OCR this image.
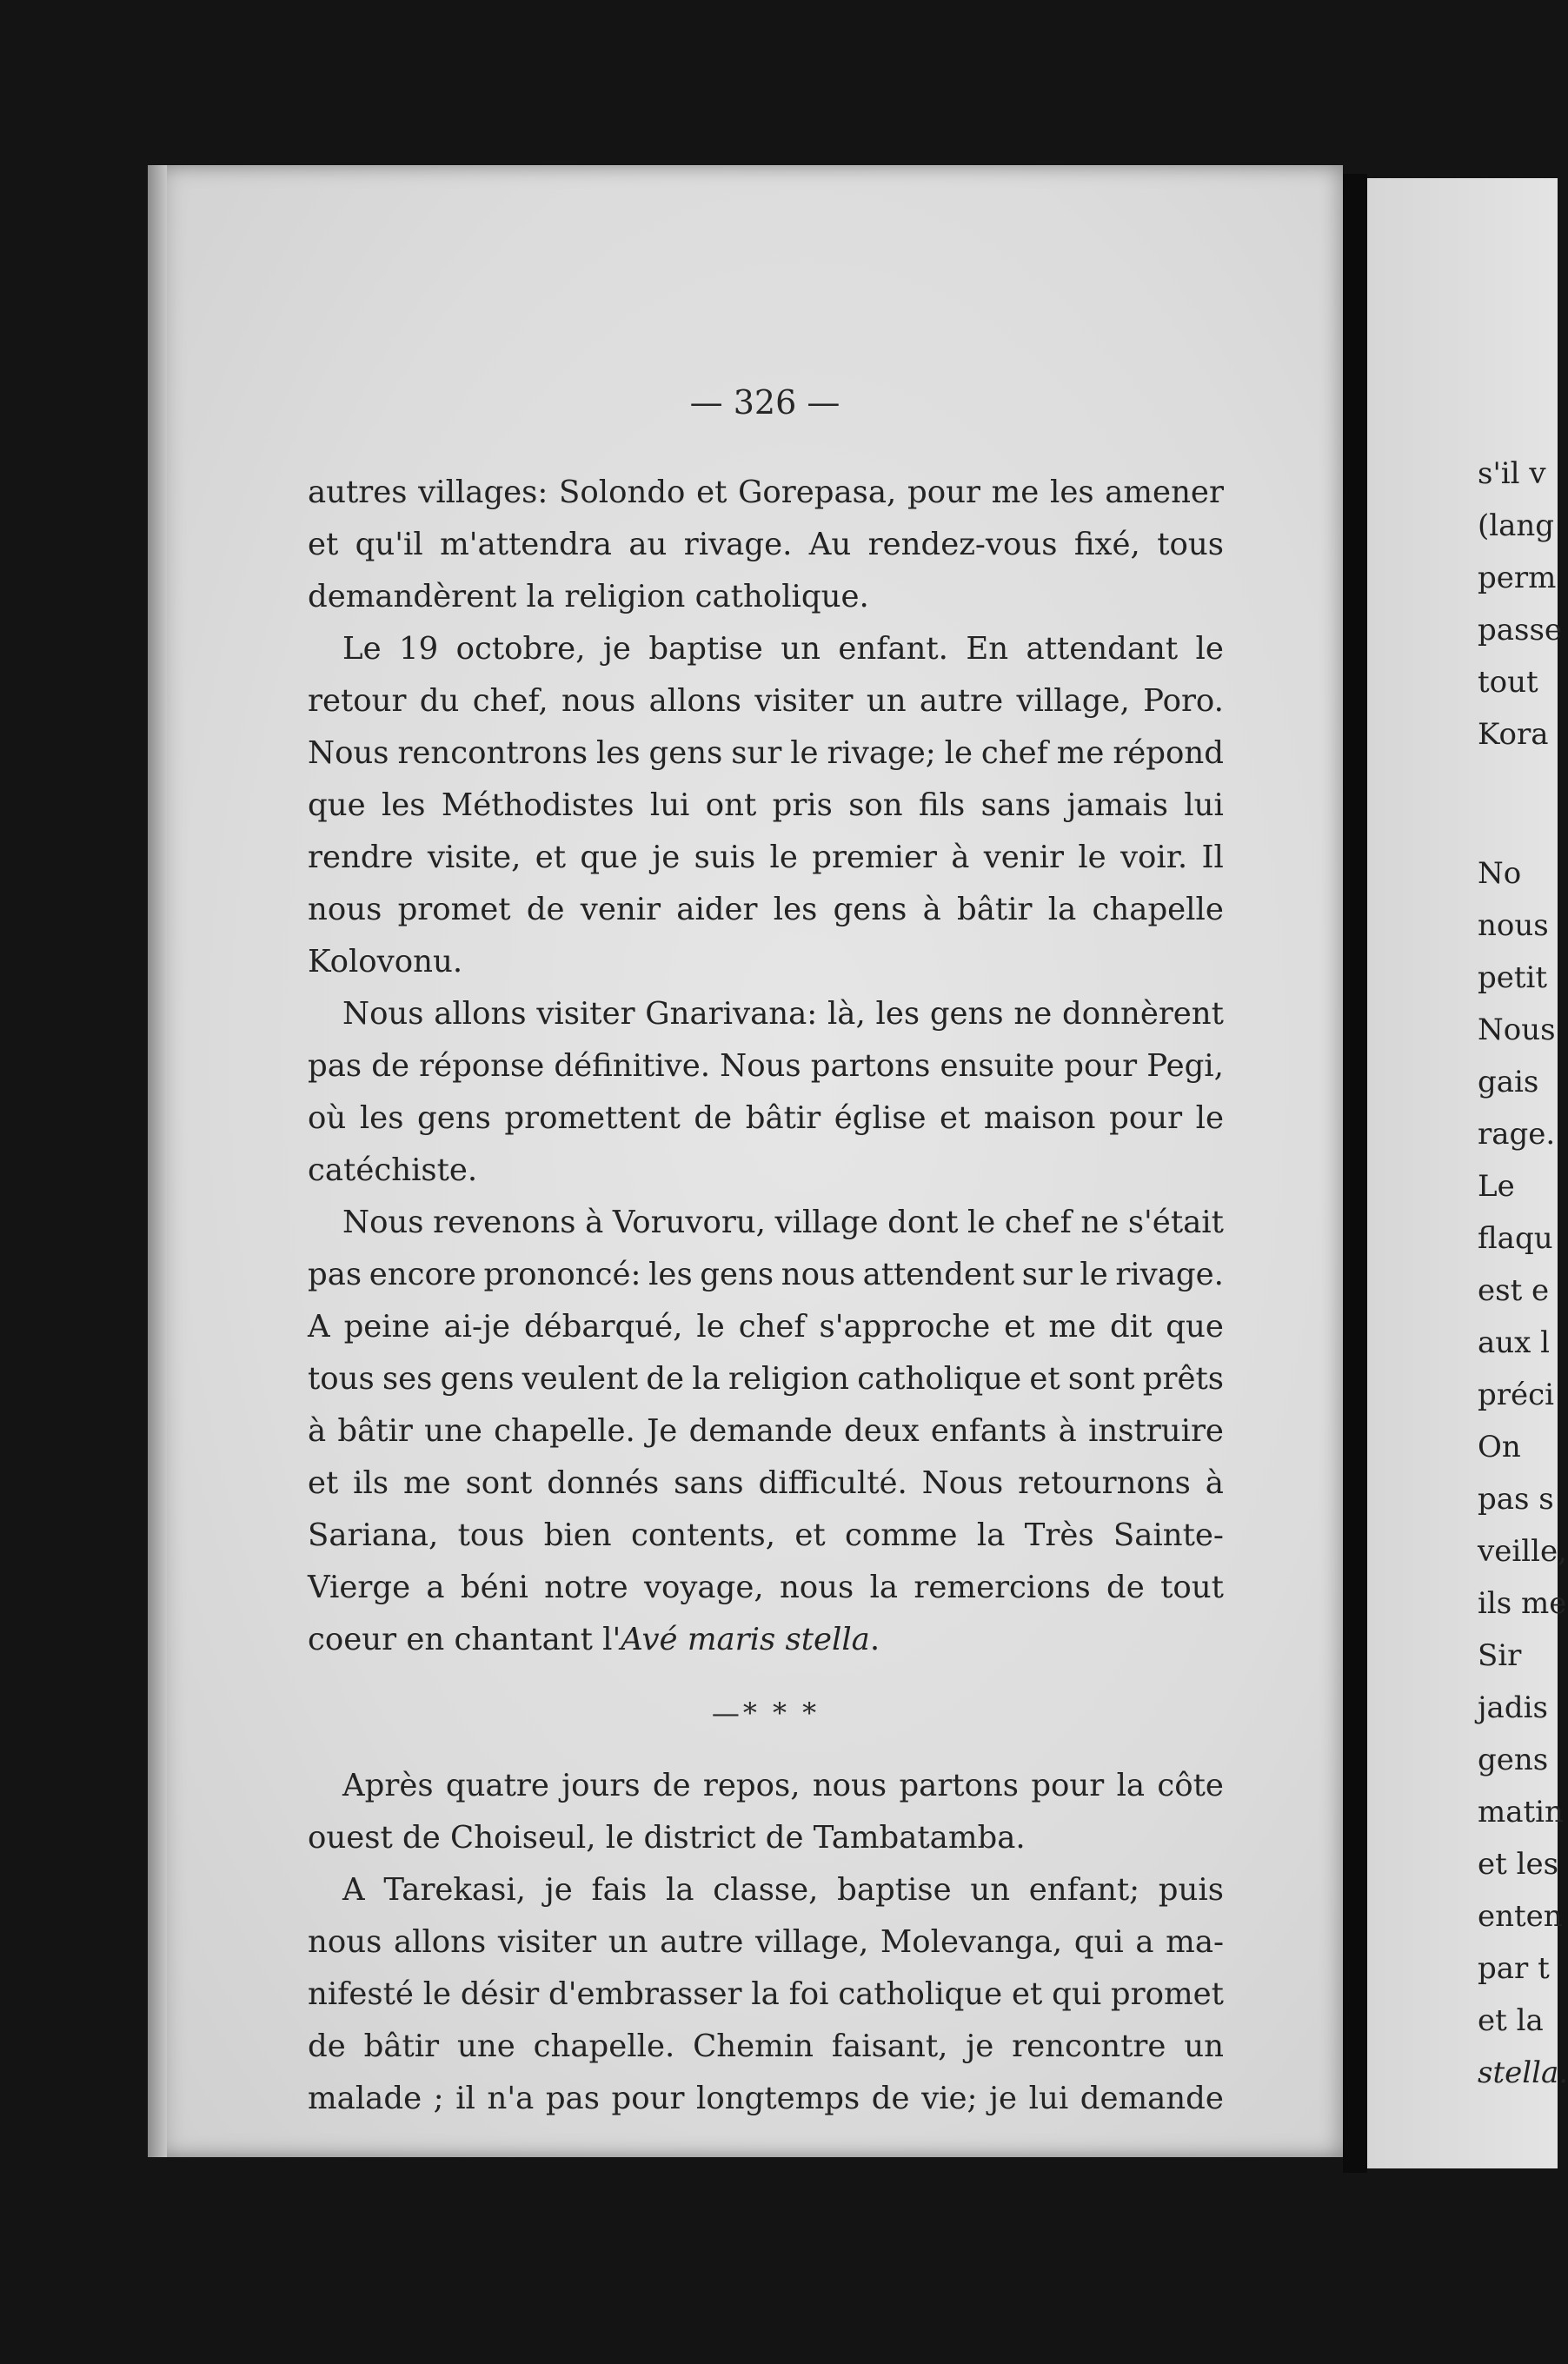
— 326 —
autres villages: Solondo et Gorepasa, pour me les amener
et qu'il m'attendra au rivage. Au rendez-vous fixé, tous
demandèrent la religion catholique.
Le 19 octobre, je baptise un enfant. En attendant le
retour du chef, nous allons visiter un autre village, Poro.
Nous rencontrons les gens sur le rivage; le chef me répond
que les Méthodistes lui ont pris son fils sans jamais lui
rendre visite, et que je suis le premier à venir le voir. Il
nous promet de venir aider les gens à bâtir la chapelle
Kolovonu.
Nous allons visiter Gnarivana: là, les gens ne donnèrent
pas de réponse définitive. Nous partons ensuite pour Pegi,
où les gens promettent de bâtir église et maison pour le
catéchiste.
Nous revenons à Voruvoru, village dont le chef ne s'était
pas encore prononcé: les gens nous attendent sur le rivage.
A peine ai-je débarqué, le chef s'approche et me dit que
tous ses gens veulent de la religion catholique et sont prêts
à bâtir une chapelle. Je demande deux enfants à instruire
et ils me sont donnés sans difficulté. Nous retournons à
Sariana, tous bien contents, et comme la Très Sainte-
Vierge a béni notre voyage, nous la remercions de tout
coeur en chantant l' Avé maris stella .
—* * *
Après quatre jours de repos, nous partons pour la côte
ouest de Choiseul, le district de Tambatamba.
A Tarekasi, je fais la classe, baptise un enfant; puis
nous allons visiter un autre village, Molevanga, qui a ma-
nifesté le désir d'embrasser la foi catholique et qui promet
de bâtir une chapelle. Chemin faisant, je rencontre un
malade ; il n'a pas pour longtemps de vie; je lui demande
s'il v
(lang
perm
passe
tout
Kora
No
nous
petit
Nous
gais
rage.
Le
flaqu
est e
aux l
préci
On
pas s
veille,
ils me
Sir
jadis
gens
matin
et les
enten
par t
et la
stella.
